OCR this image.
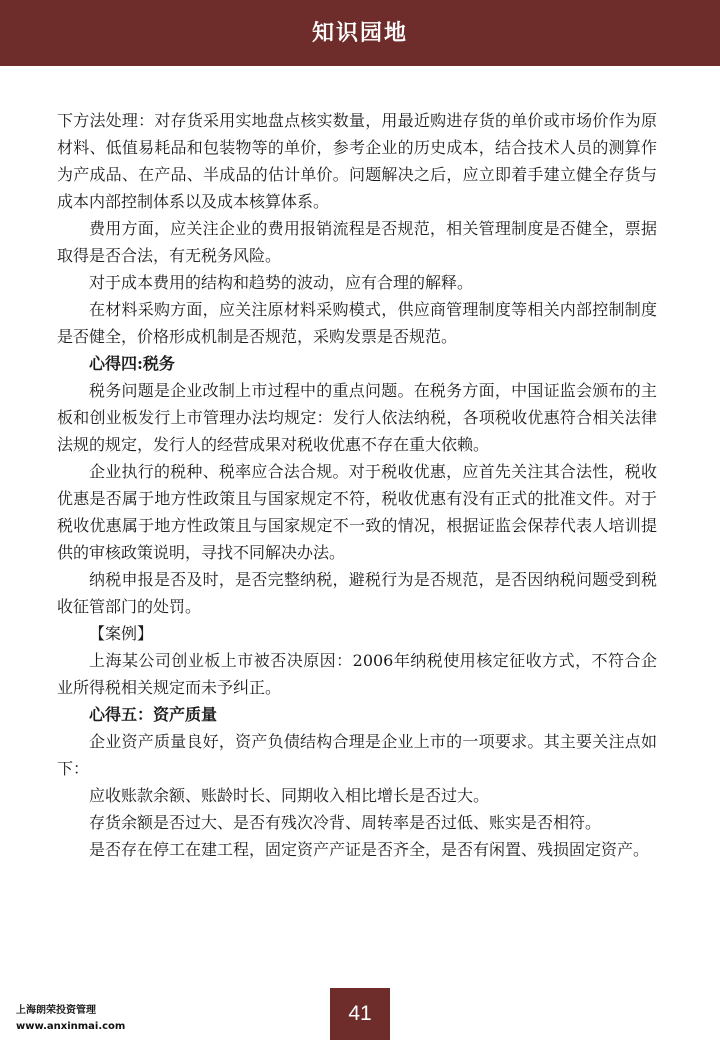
知识园地

下方法处理：对存货采用实地盘点核实数量，用最近购进存货的单价或市场价作为原材料、低值易耗品和包装物等的单价，参考企业的历史成本，结合技术人员的测算作为产成品、在产品、半成品的估计单价。问题解决之后，应立即着手建立健全存货与成本内部控制体系以及成本核算体系。

费用方面，应关注企业的费用报销流程是否规范，相关管理制度是否健全，票据取得是否合法，有无税务风险。

对于成本费用的结构和趋势的波动，应有合理的解释。

在材料采购方面，应关注原材料采购模式，供应商管理制度等相关内部控制制度是否健全，价格形成机制是否规范，采购发票是否规范。

心得四:税务

税务问题是企业改制上市过程中的重点问题。在税务方面，中国证监会颁布的主板和创业板发行上市管理办法均规定：发行人依法纳税，各项税收优惠符合相关法律法规的规定，发行人的经营成果对税收优惠不存在重大依赖。

企业执行的税种、税率应合法合规。对于税收优惠，应首先关注其合法性，税收优惠是否属于地方性政策且与国家规定不符，税收优惠有没有正式的批准文件。对于税收优惠属于地方性政策且与国家规定不一致的情况，根据证监会保荐代表人培训提供的审核政策说明，寻找不同解决办法。

纳税申报是否及时，是否完整纳税，避税行为是否规范，是否因纳税问题受到税收征管部门的处罚。

【案例】

上海某公司创业板上市被否决原因：2006年纳税使用核定征收方式，不符合企业所得税相关规定而未予纠正。

心得五：资产质量

企业资产质量良好，资产负债结构合理是企业上市的一项要求。其主要关注点如下：

应收账款余额、账龄时长、同期收入相比增长是否过大。

存货余额是否过大、是否有残次冷背、周转率是否过低、账实是否相符。

是否存在停工在建工程，固定资产产证是否齐全，是否有闲置、残损固定资产。

上海朗荣投资管理
www.anxinmai.com
41
